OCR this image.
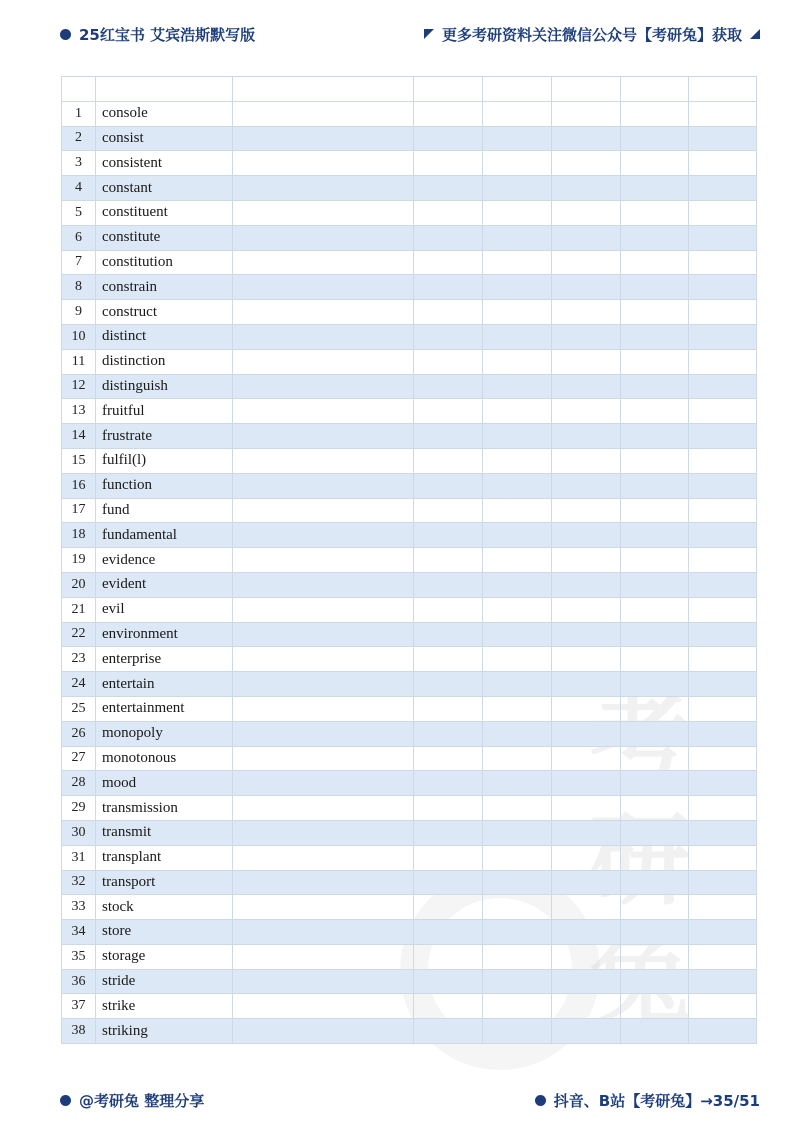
25红宝书 艾宾浩斯默写版	更多考研资料关注微信公众号【考研兔】获取
研

1	console						
2	consist						
3	consistent						
4	constant						
5	constituent						
6	constitute						
7	constitution						
8	constrain						
9	construct						
10	distinct						
11	distinction						
12	distinguish						
13	fruitful						
14	frustrate						
15	fulfil(l)						
16	function						
17	fund						
18	fundamental						
19	evidence						
20	evident						
21	evil						
22	environment						
23	enterprise						
24	entertain						
25	entertainment						
26	monopoly						
27	monotonous						
28	mood						
29	transmission						
30	transmit						
31	transplant						
32	transport						
33	stock						
34	store						
35	storage						
36	stride						
37	strike						
38	striking						
@考研兔 整理分享	抖音、B站【考研兔】→35/51
